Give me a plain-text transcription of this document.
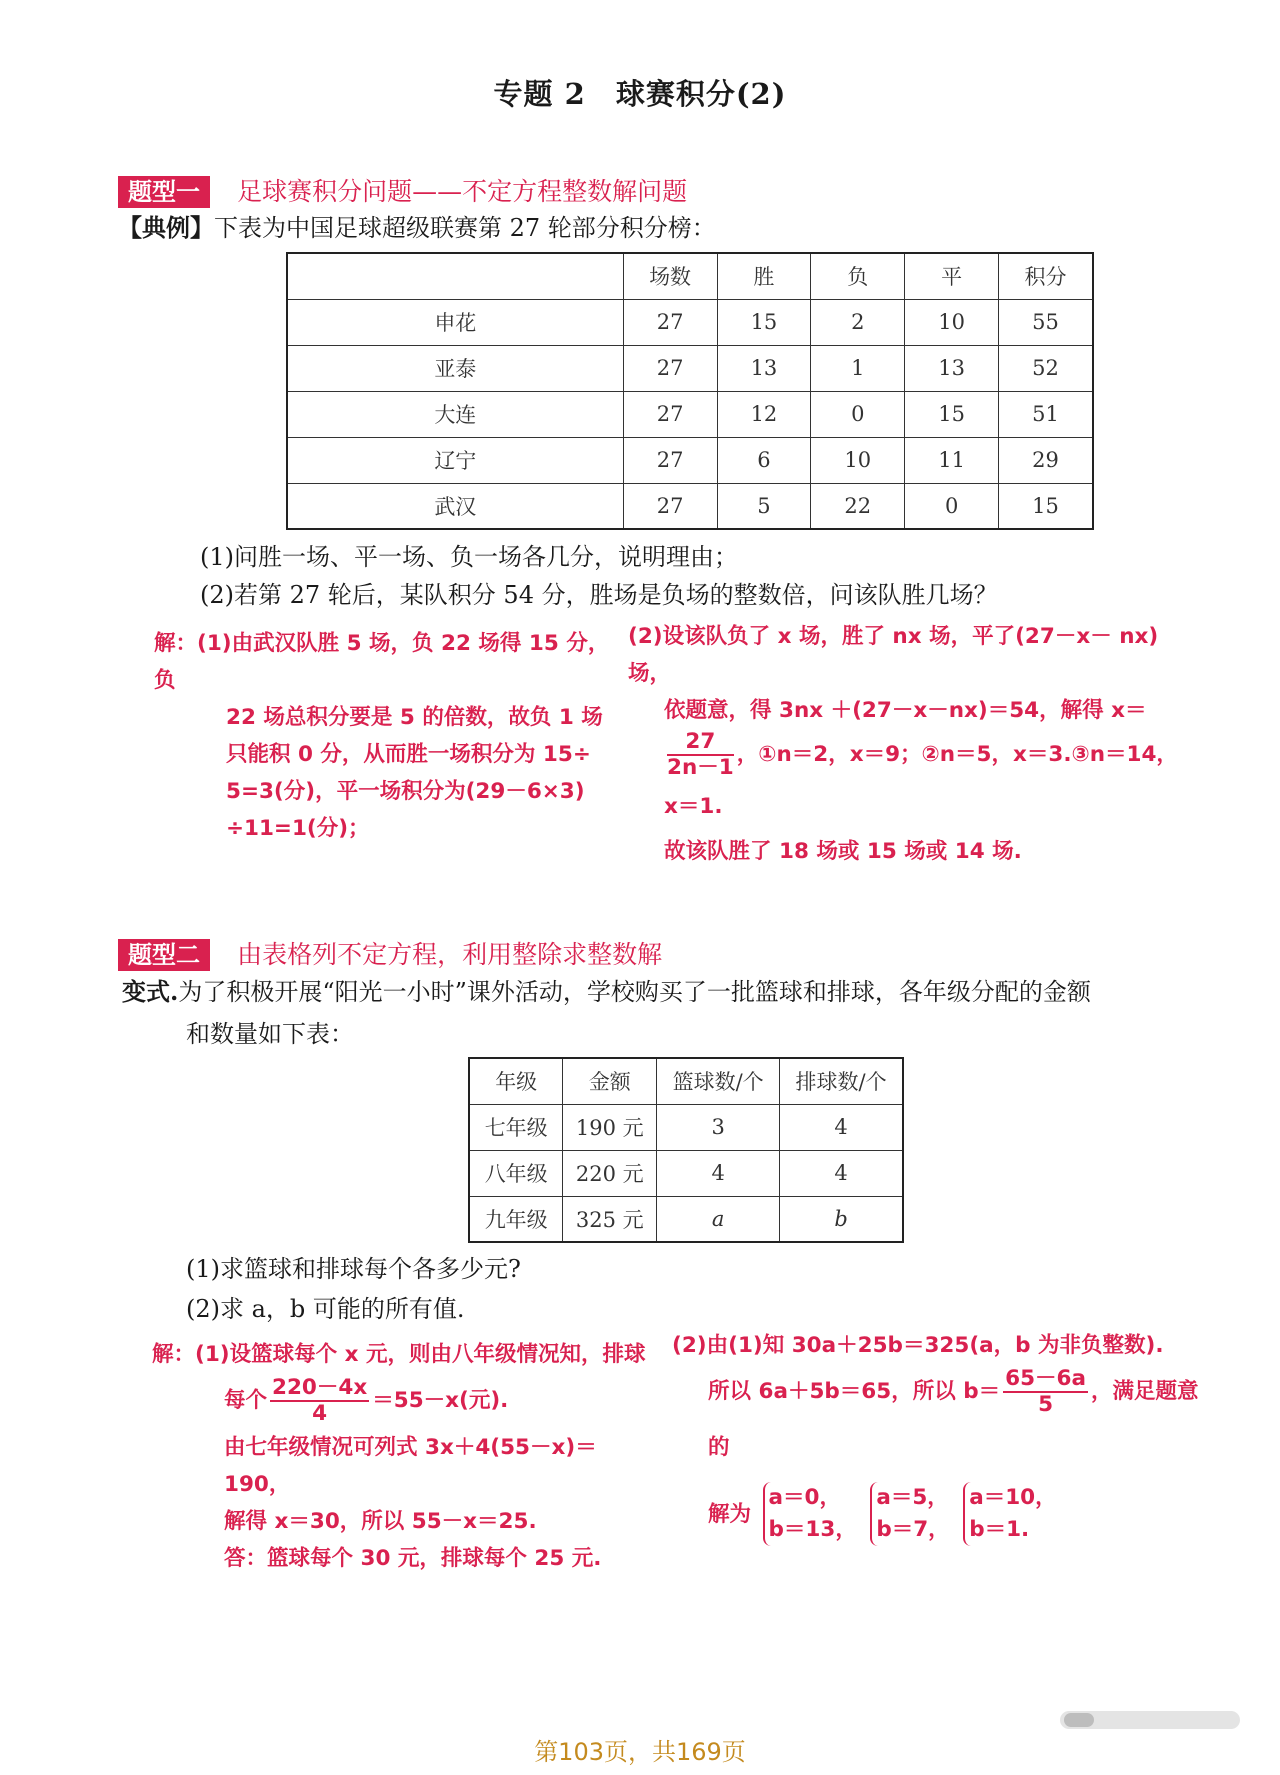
专题 2　球赛积分(2)
题型一 足球赛积分问题——不定方程整数解问题
【典例】下表为中国足球超级联赛第 27 轮部分积分榜：
	场数	胜	负	平	积分
申花	27	15	2	10	55
亚泰	27	13	1	13	52
大连	27	12	0	15	51
辽宁	27	6	10	11	29
武汉	27	5	22	0	15
(1)问胜一场、平一场、负一场各几分，说明理由；
(2)若第 27 轮后，某队积分 54 分，胜场是负场的整数倍，问该队胜几场？
解：(1)由武汉队胜 5 场，负 22 场得 15 分，负
22 场总积分要是 5 的倍数，故负 1 场
只能积 0 分，从而胜一场积分为 15÷
5=3(分)，平一场积分为(29－6×3)
÷11=1(分)；
(2)设该队负了 x 场，胜了 nx 场，平了(27－x－ nx)场，
依题意，得 3nx ＋(27－x－nx)＝54，解得 x＝
$\frac{27}{2n-1}$ ，①n＝2，x＝9；②n＝5，x＝3.③n＝14，x＝1.
故该队胜了 18 场或 15 场或 14 场.
题型二 由表格列不定方程，利用整除求整数解
变式.为了积极开展“阳光一小时”课外活动，学校购买了一批篮球和排球，各年级分配的金额
和数量如下表：
年级	金额	篮球数/个	排球数/个
七年级	190 元	3	4
八年级	220 元	4	4
九年级	325 元	a	b
(1)求篮球和排球每个各多少元?
(2)求 a，b 可能的所有值.
解：(1)设篮球每个 x 元，则由八年级情况知，排球
每个 $\frac{220-4x}{4} =55-x$(元).
由七年级情况可列式 3x＋4(55－x)＝
190，
解得 x＝30，所以 55－x＝25.
答：篮球每个 30 元，排球每个 25 元.
(2)由(1)知 30a＋25b＝325(a，b 为非负整数).
所以 6a＋5b＝65，所以 $b= \frac{65-6a}{5}$ ，满足题意的
解为
a＝0，
b＝13，

a＝5，
b＝7，

a＝10，
b＝1.
第103页，共169页
